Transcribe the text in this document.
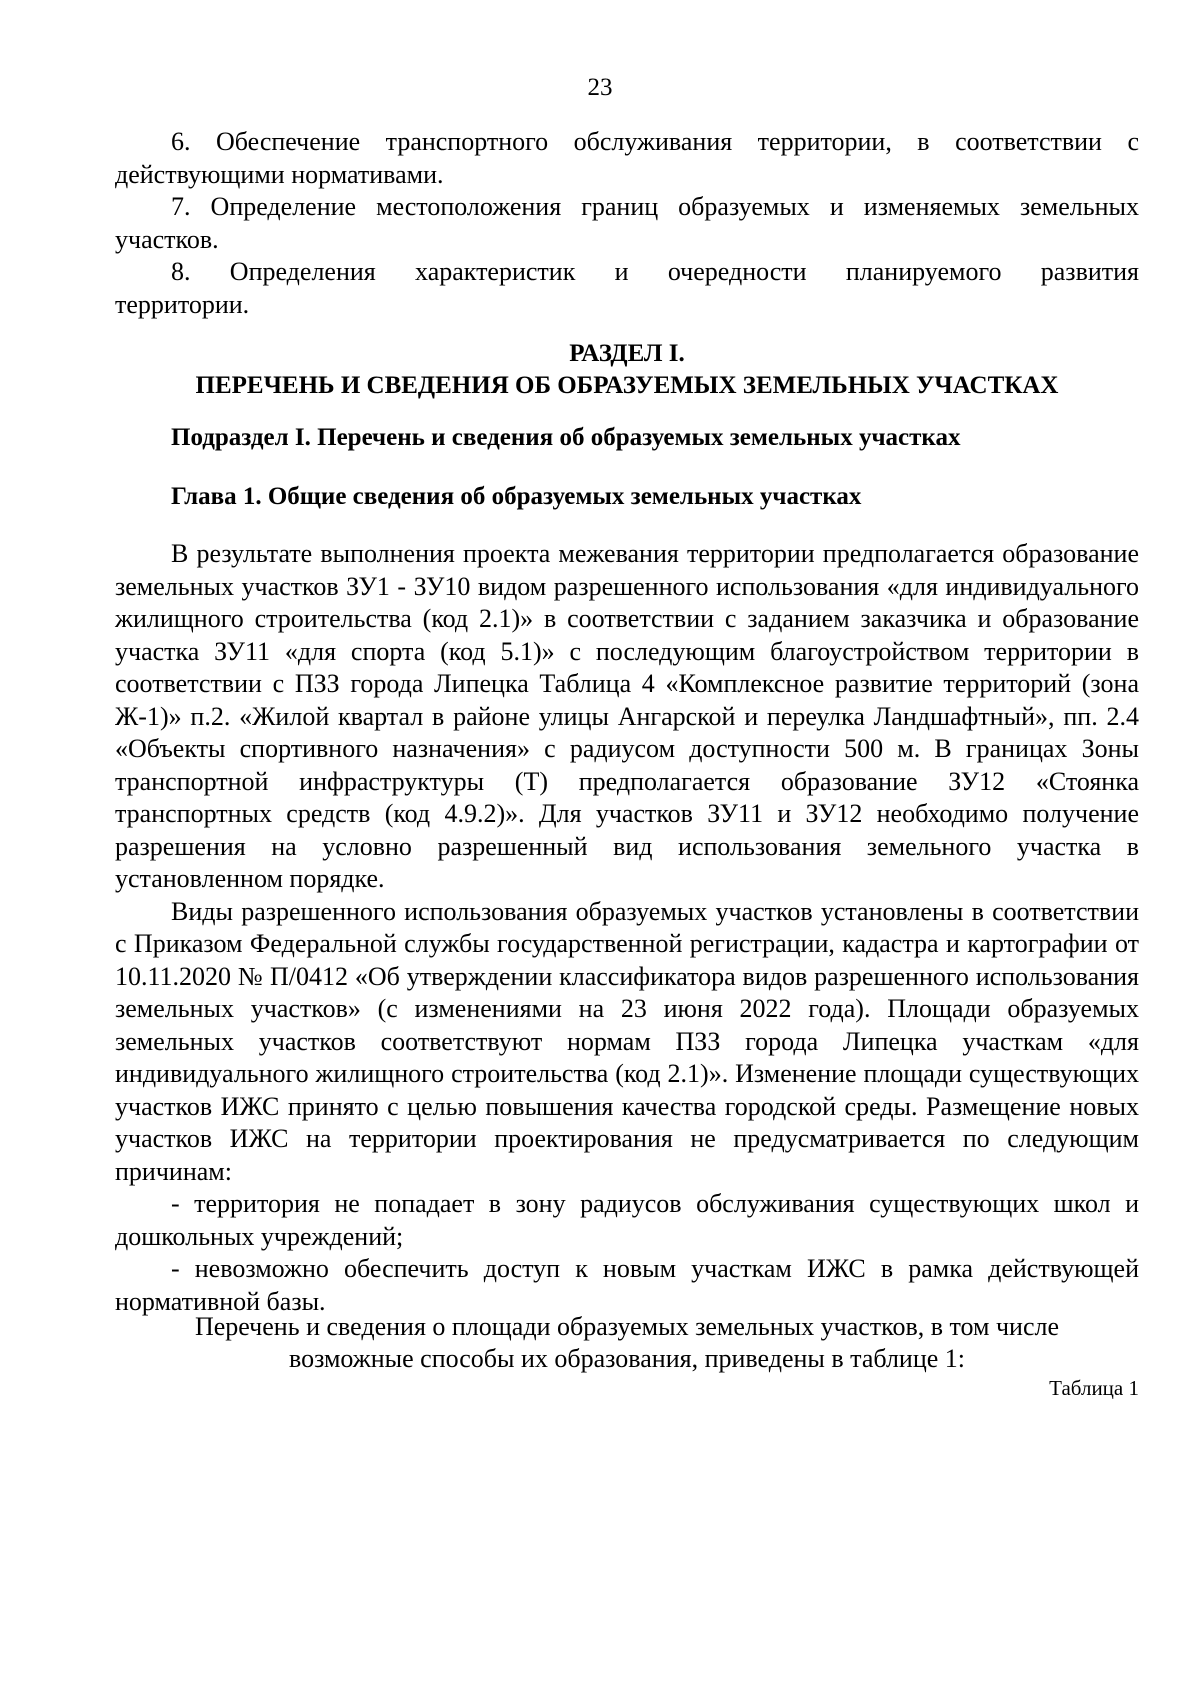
23

6. Обеспечение транспортного обслуживания территории, в соответствии с действующими нормативами.

7. Определение местоположения границ образуемых и изменяемых земельных участков.

8. Определения характеристик и очередности планируемого развития территории.

РАЗДЕЛ I.

ПЕРЕЧЕНЬ И СВЕДЕНИЯ ОБ ОБРАЗУЕМЫХ ЗЕМЕЛЬНЫХ УЧАСТКАХ

Подраздел I. Перечень и сведения об образуемых земельных участках

Глава 1. Общие сведения об образуемых земельных участках

В результате выполнения проекта межевания территории предполагается образование земельных участков ЗУ1 - ЗУ10 видом разрешенного использования «для индивидуального жилищного строительства (код 2.1)» в соответствии с заданием заказчика и образование участка ЗУ11 «для спорта (код 5.1)» с последующим благоустройством территории в соответствии с ПЗЗ города Липецка Таблица 4 «Комплексное развитие территорий (зона Ж-1)» п.2. «Жилой квартал в районе улицы Ангарской и переулка Ландшафтный», пп. 2.4 «Объекты спортивного назначения» с радиусом доступности 500 м. В границах Зоны транспортной инфраструктуры (Т) предполагается образование ЗУ12 «Стоянка транспортных средств (код 4.9.2)». Для участков ЗУ11 и ЗУ12 необходимо получение разрешения на условно разрешенный вид использования земельного участка в установленном порядке.

Виды разрешенного использования образуемых участков установлены в соответствии с Приказом Федеральной службы государственной регистрации, кадастра и картографии от 10.11.2020 № П/0412 «Об утверждении классификатора видов разрешенного использования земельных участков» (с изменениями на 23 июня 2022 года). Площади образуемых земельных участков соответствуют нормам ПЗЗ города Липецка участкам «для индивидуального жилищного строительства (код 2.1)». Изменение площади существующих участков ИЖС принято с целью повышения качества городской среды. Размещение новых участков ИЖС на территории проектирования не предусматривается по следующим причинам:

- территория не попадает в зону радиусов обслуживания существующих школ и дошкольных учреждений;

- невозможно обеспечить доступ к новым участкам ИЖС в рамка действующей нормативной базы.

Перечень и сведения о площади образуемых земельных участков, в том числе

возможные способы их образования, приведены в таблице 1:

Таблица 1
